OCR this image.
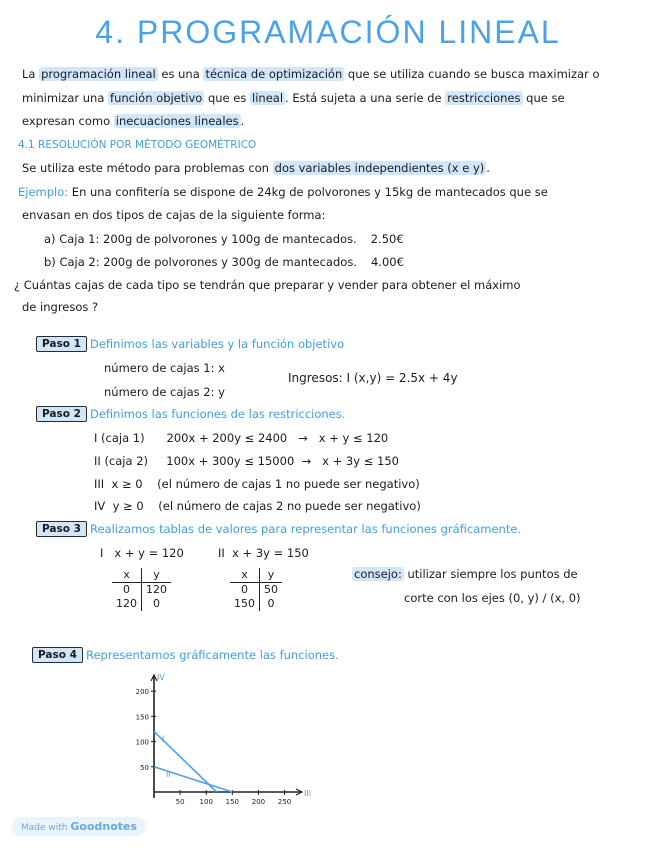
4. PROGRAMACIÓN LINEAL
La programación lineal es una técnica de optimización que se utiliza cuando se busca maximizar o
minimizar una función objetivo que es lineal . Está sujeta a una serie de restricciones que se
expresan como inecuaciones lineales .
4.1 RESOLUCIÓN POR MÉTODO GEOMÉTRICO
Se utiliza este método para problemas con dos variables independientes (x e y) .
Ejemplo: En una confitería se dispone de 24kg de polvorones y 15kg de mantecados que se
envasan en dos tipos de cajas de la siguiente forma:
a) Caja 1: 200g de polvorones y 100g de mantecados. 2.50€
b) Caja 2: 200g de polvorones y 300g de mantecados. 4.00€
¿ Cuántas cajas de cada tipo se tendrán que preparar y vender para obtener el máximo
de ingresos ?
Paso 1 Definimos las variables y la función objetivo
número de cajas 1: x
número de cajas 2: y
Ingresos: I (x,y) = 2.5x + 4y
Paso 2 Definimos las funciones de las restricciones.
I (caja 1)      200x + 200y ≤ 2400   →   x + y ≤ 120
II (caja 2)     100x + 300y ≤ 15000  →   x + 3y ≤ 150
III  x ≥ 0    (el número de cajas 1 no puede ser negativo)
IV  y ≥ 0    (el número de cajas 2 no puede ser negativo)
Paso 3 Realizamos tablas de valores para representar las funciones gráficamente.
I   x + y = 120	II  x + 3y = 150
x	y
0	120
120	0
x	y
0	50
150	0
consejo: utilizar siempre los puntos de
corte con los ejes (0, y) / (x, 0)
Paso 4 Representamos gráficamente las funciones.
III
IV
50 100 150 200 250
50
100
150
200
I
II
Made with Goodnotes
